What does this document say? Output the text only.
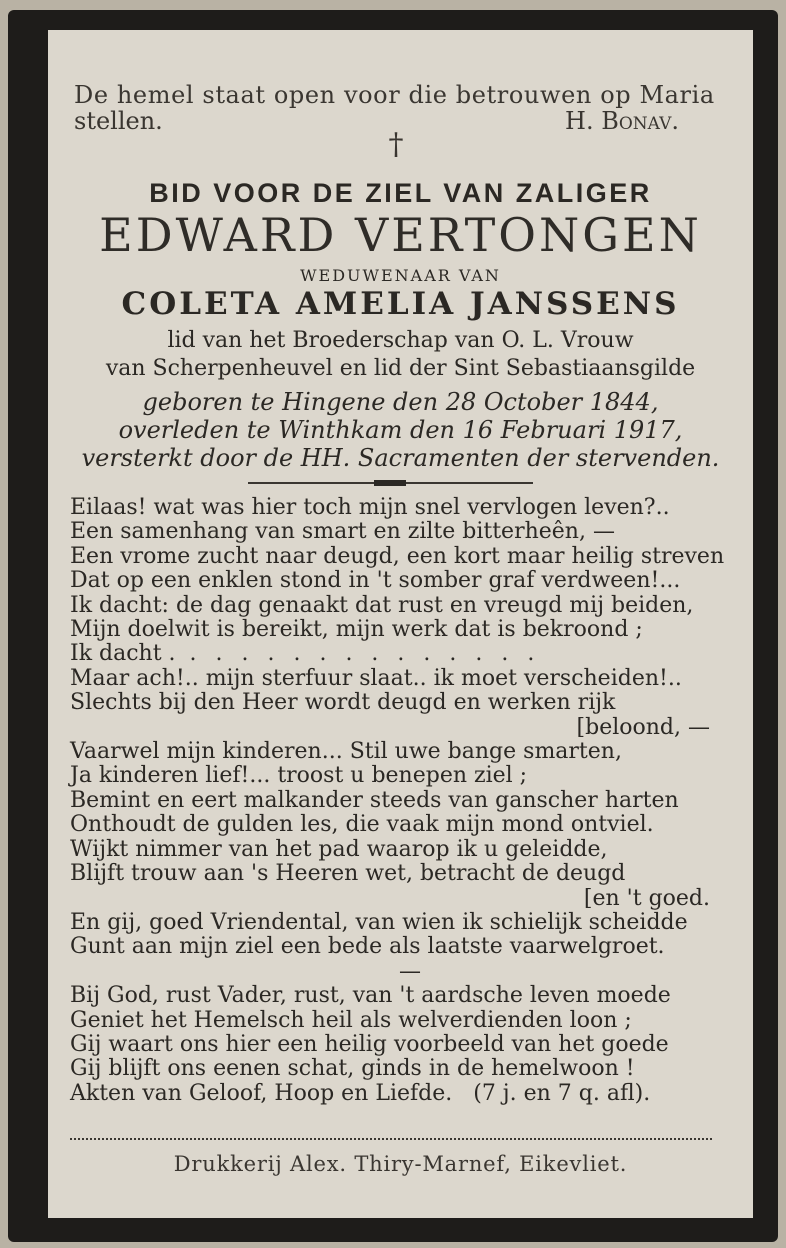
De hemel staat open voor die betrouwen op Maria
stellen.	H. Bonav.
†
BID VOOR DE ZIEL VAN ZALIGER
EDWARD VERTONGEN
WEDUWENAAR VAN
COLETA AMELIA JANSSENS
lid van het Broederschap van O. L. Vrouw
van Scherpenheuvel en lid der Sint Sebastiaansgilde
geboren te Hingene den 28 October 1844,
overleden te Winthkam den 16 Februari 1917,
versterkt door de HH. Sacramenten der stervenden.
Eilaas! wat was hier toch mijn snel vervlogen leven?..
Een samenhang van smart en zilte bitterheên, —
Een vrome zucht naar deugd, een kort maar heilig streven
Dat op een enklen stond in 't somber graf verdween!...
Ik dacht: de dag genaakt dat rust en vreugd mij beiden,
Mijn doelwit is bereikt, mijn werk dat is bekroond ;
Ik dacht . . . . . . . . . . . . . . .
Maar ach!.. mijn sterfuur slaat.. ik moet verscheiden!..
Slechts bij den Heer wordt deugd en werken rijk
[beloond, —
Vaarwel mijn kinderen... Stil uwe bange smarten,
Ja kinderen lief!... troost u benepen ziel ;
Bemint en eert malkander steeds van ganscher harten
Onthoudt de gulden les, die vaak mijn mond ontviel.
Wijkt nimmer van het pad waarop ik u geleidde,
Blijft trouw aan 's Heeren wet, betracht de deugd
[en 't goed.
En gij, goed Vriendental, van wien ik schielijk scheidde
Gunt aan mijn ziel een bede als laatste vaarwelgroet.
—
Bij God, rust Vader, rust, van 't aardsche leven moede
Geniet het Hemelsch heil als welverdienden loon ;
Gij waart ons hier een heilig voorbeeld van het goede
Gij blijft ons eenen schat, ginds in de hemelwoon !
Akten van Geloof, Hoop en Liefde.   (7 j. en 7 q. afl).
Drukkerij Alex. Thiry-Marnef, Eikevliet.
